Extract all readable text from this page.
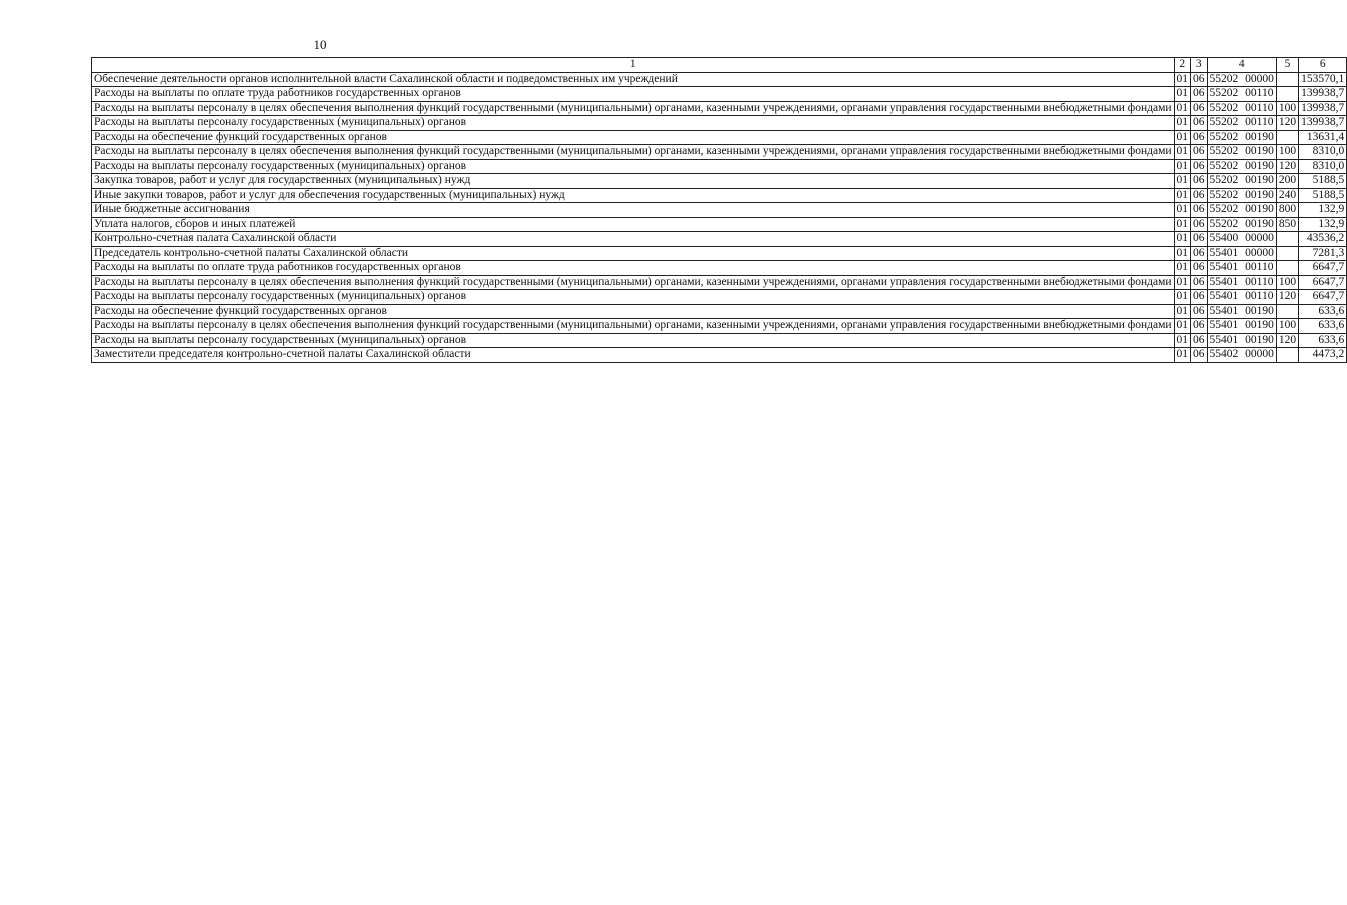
10
1	2	3	4	5	6
Обеспечение деятельности органов исполнительной власти Сахалинской области и подведомственных им учреждений	01	06	55202 00000		153570,1
Расходы на выплаты по оплате труда работников государственных органов	01	06	55202 00110		139938,7
Расходы на выплаты персоналу в целях обеспечения выполнения функций государственными (муниципальными) органами, казенными учреждениями, органами управления государственными внебюджетными фондами	01	06	55202 00110	100	139938,7
Расходы на выплаты персоналу государственных (муниципальных) органов	01	06	55202 00110	120	139938,7
Расходы на обеспечение функций государственных органов	01	06	55202 00190		13631,4
Расходы на выплаты персоналу в целях обеспечения выполнения функций государственными (муниципальными) органами, казенными учреждениями, органами управления государственными внебюджетными фондами	01	06	55202 00190	100	8310,0
Расходы на выплаты персоналу государственных (муниципальных) органов	01	06	55202 00190	120	8310,0
Закупка товаров, работ и услуг для государственных (муниципальных) нужд	01	06	55202 00190	200	5188,5
Иные закупки товаров, работ и услуг для обеспечения государственных (муниципальных) нужд	01	06	55202 00190	240	5188,5
Иные бюджетные ассигнования	01	06	55202 00190	800	132,9
Уплата налогов, сборов и иных платежей	01	06	55202 00190	850	132,9
Контрольно-счетная палата Сахалинской области	01	06	55400 00000		43536,2
Председатель контрольно-счетной палаты Сахалинской области	01	06	55401 00000		7281,3
Расходы на выплаты по оплате труда работников государственных органов	01	06	55401 00110		6647,7
Расходы на выплаты персоналу в целях обеспечения выполнения функций государственными (муниципальными) органами, казенными учреждениями, органами управления государственными внебюджетными фондами	01	06	55401 00110	100	6647,7
Расходы на выплаты персоналу государственных (муниципальных) органов	01	06	55401 00110	120	6647,7
Расходы на обеспечение функций государственных органов	01	06	55401 00190		633,6
Расходы на выплаты персоналу в целях обеспечения выполнения функций государственными (муниципальными) органами, казенными учреждениями, органами управления государственными внебюджетными фондами	01	06	55401 00190	100	633,6
Расходы на выплаты персоналу государственных (муниципальных) органов	01	06	55401 00190	120	633,6
Заместители председателя контрольно-счетной палаты Сахалинской области	01	06	55402 00000		4473,2
